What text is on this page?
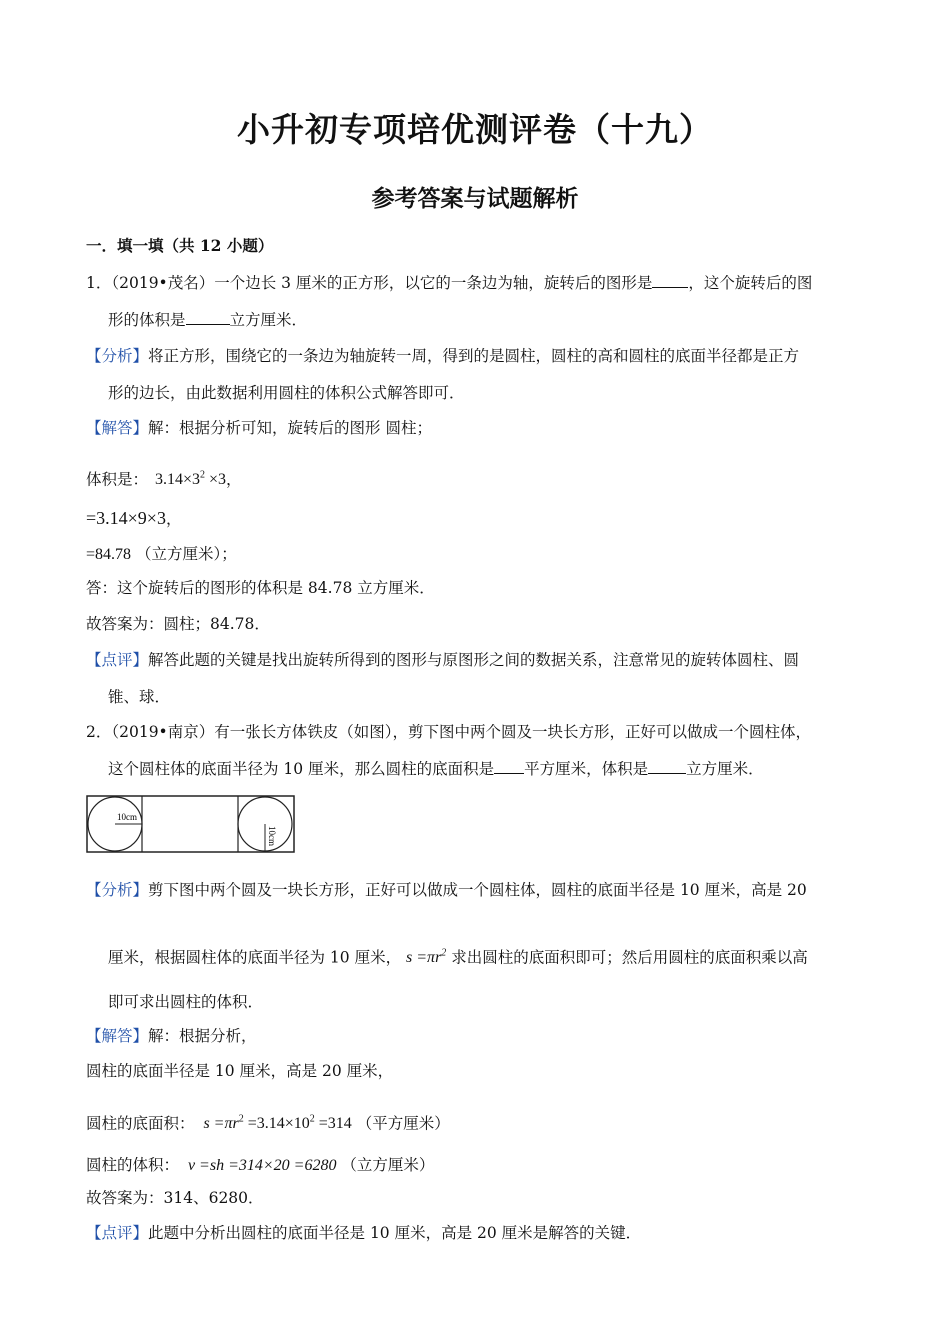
小升初专项培优测评卷（十九）
参考答案与试题解析
一．填一填（共 12 小题）
1．（2019•茂名）一个边长 3 厘米的正方形，以它的一条边为轴，旋转后的图形是 ，这个旋转后的图
形的体积是	立方厘米．
【分析】将正方形，围绕它的一条边为轴旋转一周，得到的是圆柱，圆柱的高和圆柱的底面半径都是正方
形的边长，由此数据利用圆柱的体积公式解答即可．
【解答】解：根据分析可知，旋转后的图形 圆柱；
体积是： $3.14\times 3^2 \times 3$，
=3.14×9×3，
=84.78 （立方厘米）；
答：这个旋转后的图形的体积是 84.78 立方厘米．
故答案为：圆柱；84.78．
【点评】解答此题的关键是找出旋转所得到的图形与原图形之间的数据关系，注意常见的旋转体圆柱、圆
锥、球．
2．（2019•南京）有一张长方体铁皮（如图），剪下图中两个圆及一块长方形，正好可以做成一个圆柱体，
这个圆柱体的底面半径为 10 厘米，那么圆柱的底面积是 平方厘米，体积是 立方厘米．
10cm
10cm
【分析】剪下图中两个圆及一块长方形，正好可以做成一个圆柱体，圆柱的底面半径是 10 厘米，高是 20
厘米，根据圆柱体的底面半径为 10 厘米， $s =\pi r^2$ 求出圆柱的底面积即可；然后用圆柱的底面积乘以高
即可求出圆柱的体积．
【解答】解：根据分析，
圆柱的底面半径是 10 厘米，高是 20 厘米，
圆柱的底面积： $s =\pi r^2 =3.14\times 10^2 =314$ （平方厘米）
圆柱的体积： v =sh =314×20 =6280 （立方厘米）
故答案为：314、6280．
【点评】此题中分析出圆柱的底面半径是 10 厘米，高是 20 厘米是解答的关键．
